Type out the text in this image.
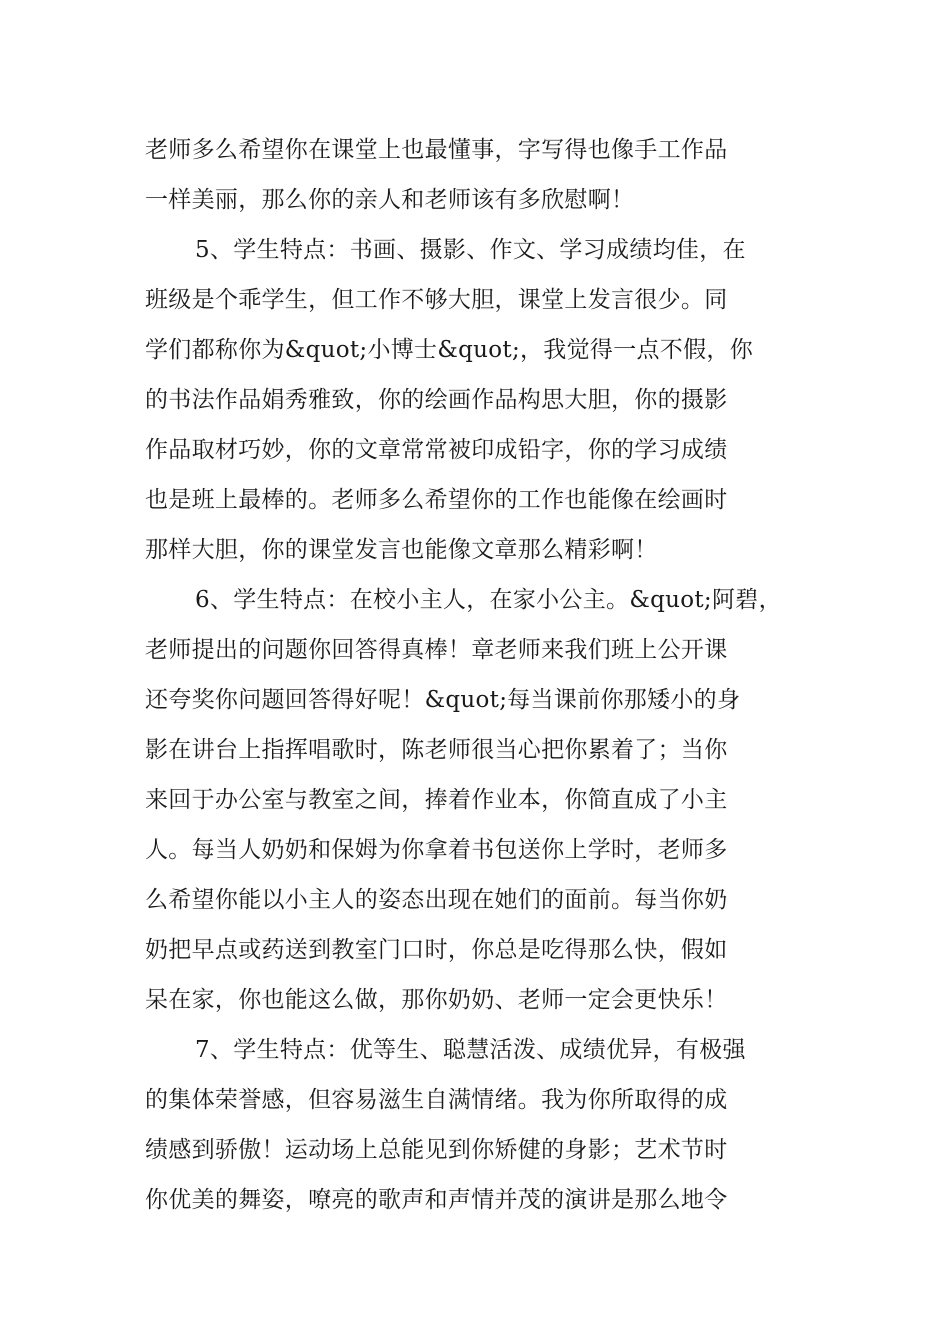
老师多么希望你在课堂上也最懂事，字写得也像手工作品
一样美丽，那么你的亲人和老师该有多欣慰啊！
5、学生特点：书画、摄影、作文、学习成绩均佳，在
班级是个乖学生，但工作不够大胆，课堂上发言很少。同
学们都称你为&quot;小博士&quot;，我觉得一点不假，你
的书法作品娟秀雅致，你的绘画作品构思大胆，你的摄影
作品取材巧妙，你的文章常常被印成铅字，你的学习成绩
也是班上最棒的。老师多么希望你的工作也能像在绘画时
那样大胆，你的课堂发言也能像文章那么精彩啊！
6、学生特点：在校小主人，在家小公主。&quot;阿碧，
老师提出的问题你回答得真棒！章老师来我们班上公开课
还夸奖你问题回答得好呢！&quot;每当课前你那矮小的身
影在讲台上指挥唱歌时，陈老师很当心把你累着了；当你
来回于办公室与教室之间，捧着作业本，你简直成了小主
人。每当人奶奶和保姆为你拿着书包送你上学时，老师多
么希望你能以小主人的姿态出现在她们的面前。每当你奶
奶把早点或药送到教室门口时，你总是吃得那么快，假如
呆在家，你也能这么做，那你奶奶、老师一定会更快乐！
7、学生特点：优等生、聪慧活泼、成绩优异，有极强
的集体荣誉感，但容易滋生自满情绪。我为你所取得的成
绩感到骄傲！运动场上总能见到你矫健的身影；艺术节时
你优美的舞姿，嘹亮的歌声和声情并茂的演讲是那么地令
